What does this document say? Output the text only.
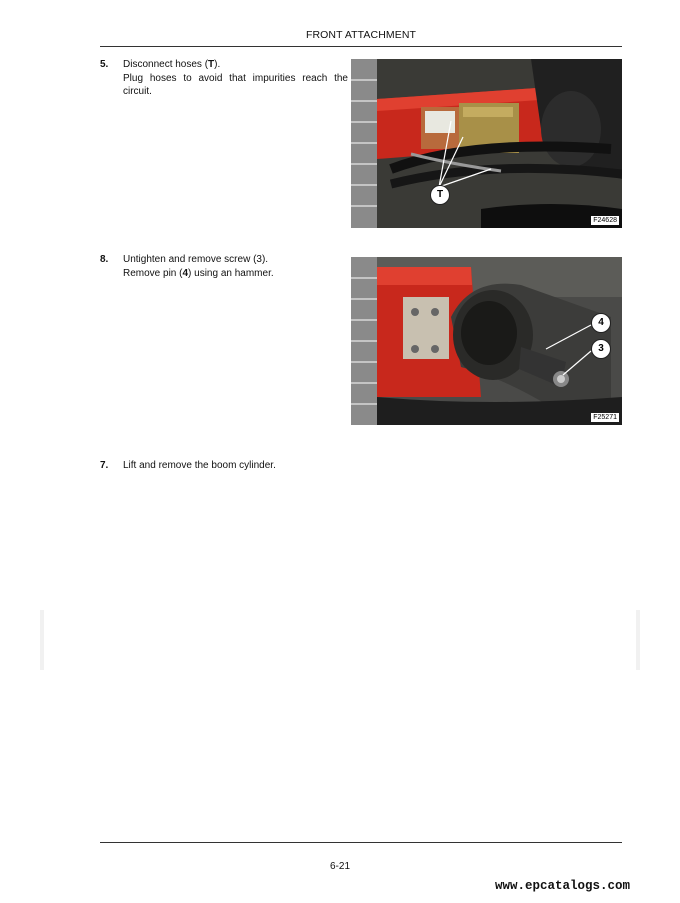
FRONT ATTACHMENT
5. Disconnect hoses (T).

Plug hoses to avoid that impurities reach the circuit.

T
F24628
8. Untighten and remove screw (3).

Remove pin (4) using an hammer.

4
3
F25271
7. Lift and remove the boom cylinder.

6-21
www.epcatalogs.com
